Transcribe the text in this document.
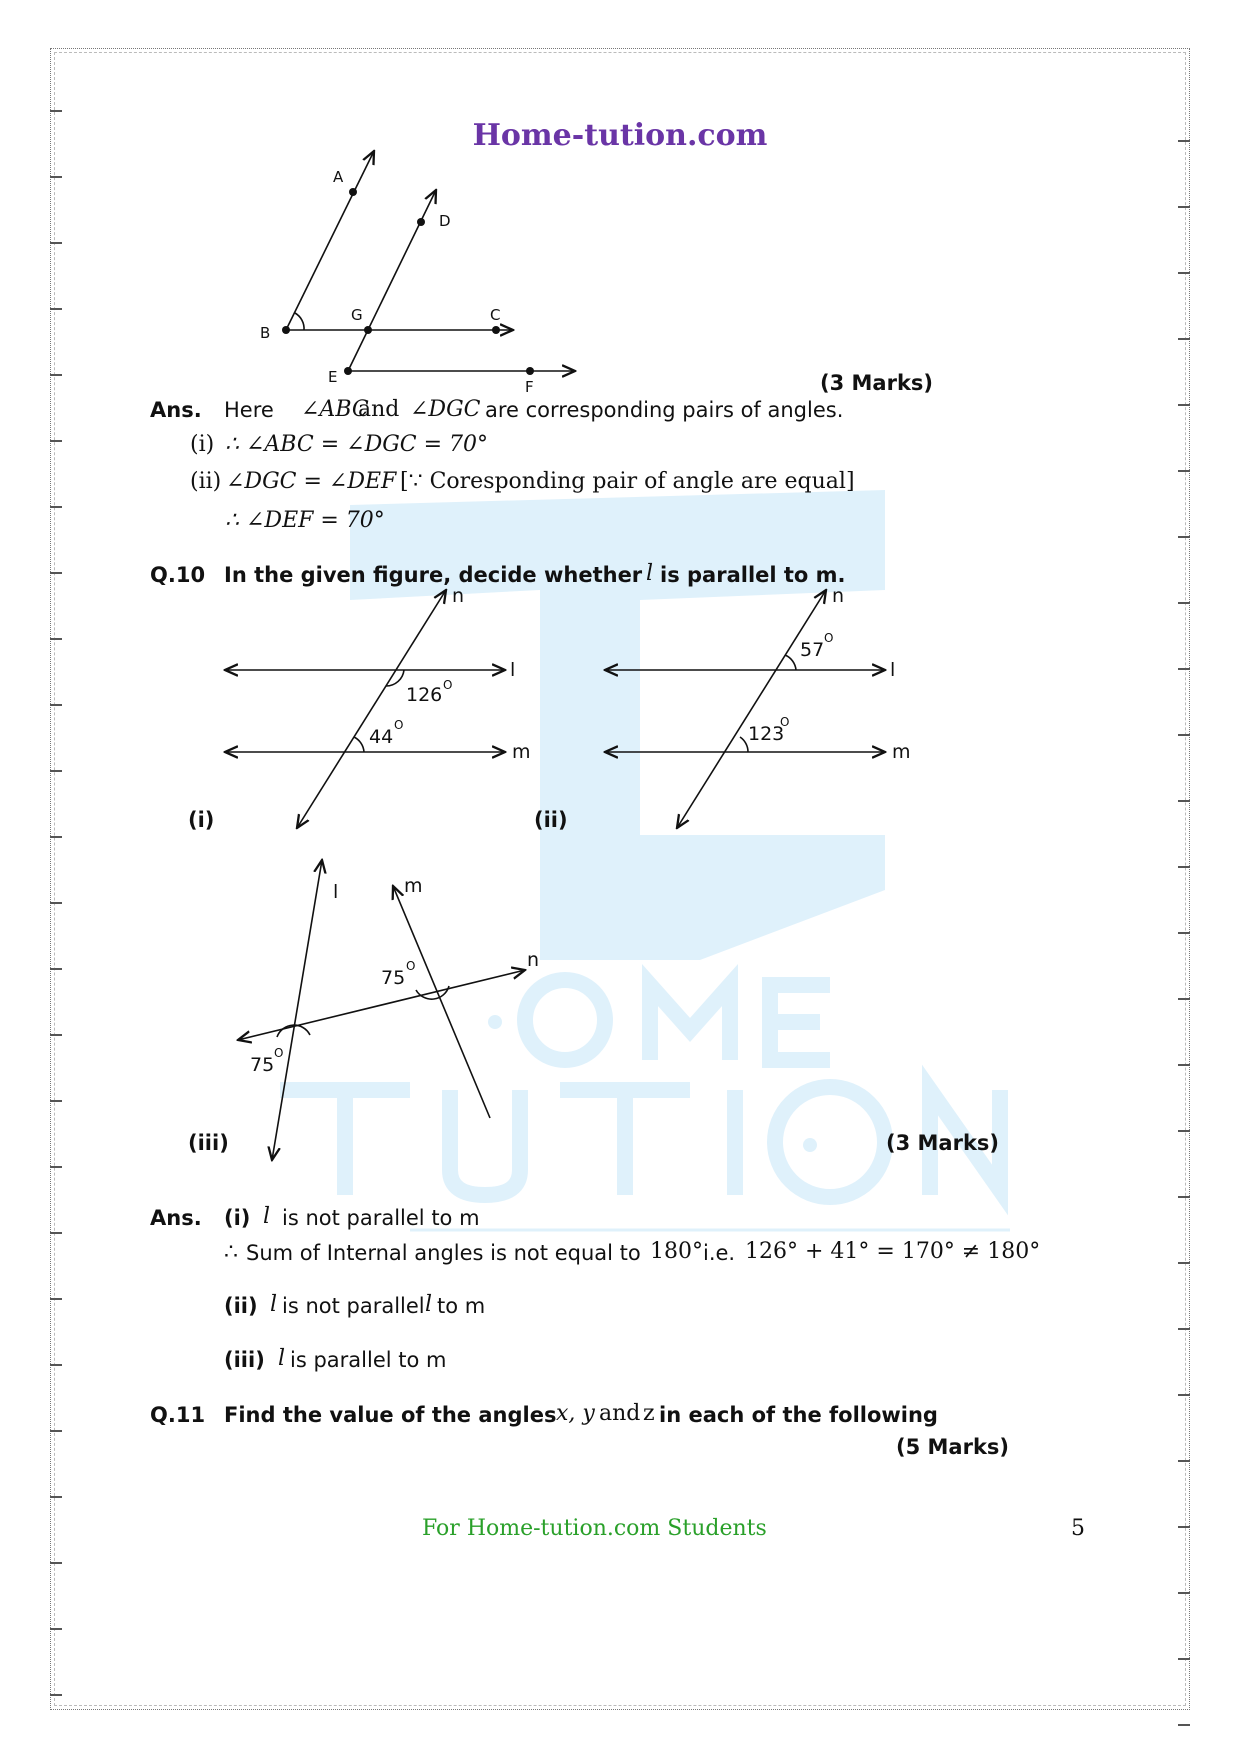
Home-tution.com
A
D
G	C
B
E
F	(3 Marks)
Ans. Here ∠ABC
and ∠DGC are corresponding pairs of angles.
(i) ∴ ∠ABC = ∠DGC = 70°
(ii) ∠DGC = ∠DEF [∵ Coresponding pair of angle are equal]
∴ ∠DEF = 70°
Q.10 In the given figure, decide whether l is parallel to m.
n
l
m
126 O
44
O
n
l
m
57
O
123
O
l	m
n
75
O
75
O
(i)	(ii)
(iii)	(3 Marks)
Ans. (i) l is not parallel to m
∴ Sum of Internal angles is not equal to 180° i.e. 126° + 41° = 170° ≠ 180°
(ii) l is not parallel l to m
(iii) l is parallel to m
Q.11 Find the value of the angles x, y and z in each of the following
(5 Marks)
For Home-tution.com Students	5
